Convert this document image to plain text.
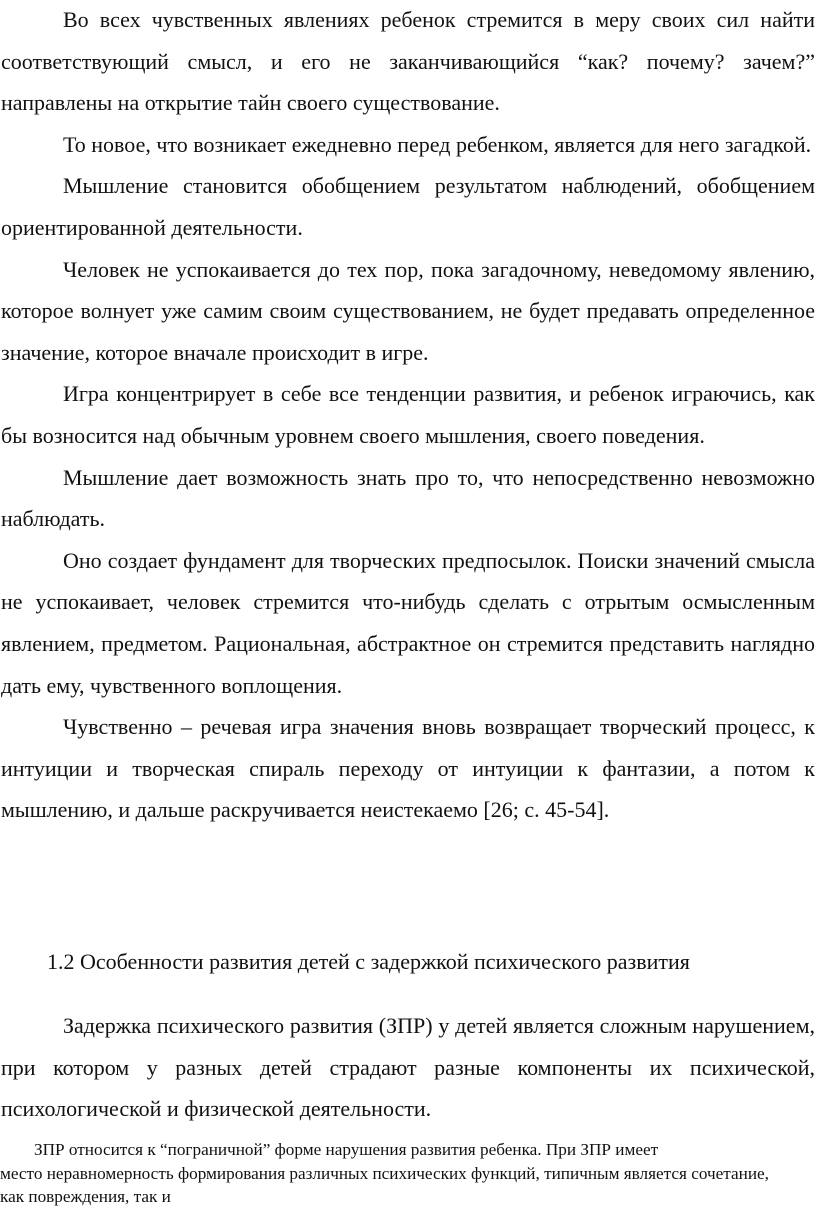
Во всех чувственных явлениях ребенок стремится в меру своих сил найти соответствующий смысл, и его не заканчивающийся “как? почему? зачем?” направлены на открытие тайн своего существование.

То новое, что возникает ежедневно перед ребенком, является для него загадкой.

Мышление становится обобщением результатом наблюдений, обобщением ориентированной деятельности.

Человек не успокаивается до тех пор, пока загадочному, неведомому явлению, которое волнует уже самим своим существованием, не будет предавать определенное значение, которое вначале происходит в игре.

Игра концентрирует в себе все тенденции развития, и ребенок играючись, как бы возносится над обычным уровнем своего мышления, своего поведения.

Мышление дает возможность знать про то, что непосредственно невозможно наблюдать.

Оно создает фундамент для творческих предпосылок. Поиски значений смысла не успокаивает, человек стремится что-нибудь сделать с отрытым осмысленным явлением, предметом. Рациональная, абстрактное он стремится представить наглядно дать ему, чувственного воплощения.

Чувственно – речевая игра значения вновь возвращает творческий процесс, к интуиции и творческая спираль переходу от интуиции к фантазии, а потом к мышлению, и дальше раскручивается неистекаемо [26; с. 45-54].

1.2 Особенности развития детей с задержкой психического развития

Задержка психического развития (ЗПР) у детей является сложным нарушением, при котором у разных детей страдают разные компоненты их психической, психологической и физической деятельности.

ЗПР относится к “пограничной” форме нарушения развития ребенка. При ЗПР имеет
место неравномерность формирования различных психических функций, типичным является сочетание, как повреждения, так и
